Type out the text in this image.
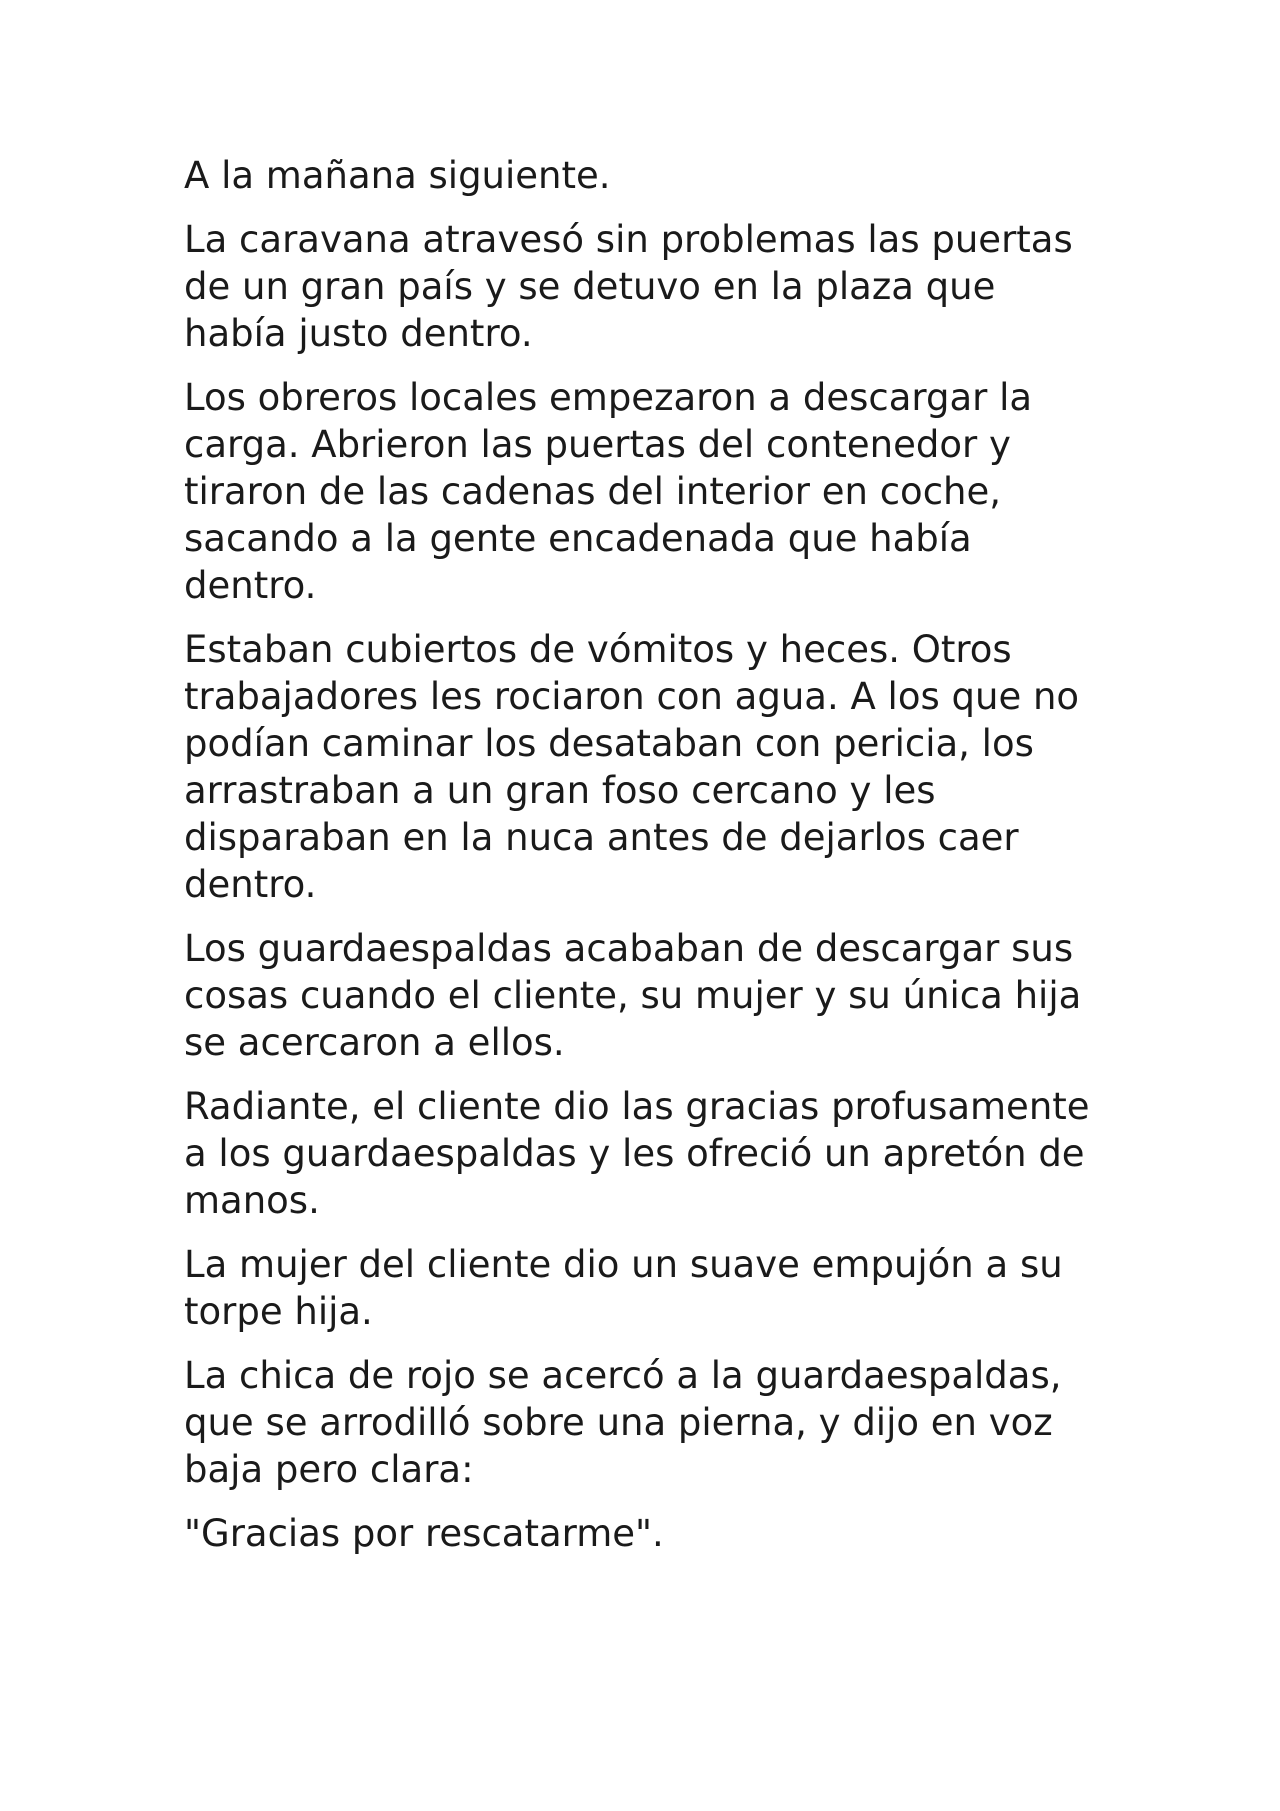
A la mañana siguiente.

La caravana atravesó sin problemas las puertas de un gran país y se detuvo en la plaza que había justo dentro.

Los obreros locales empezaron a descargar la carga. Abrieron las puertas del contenedor y tiraron de las cadenas del interior en coche, sacando a la gente encadenada que había dentro.

Estaban cubiertos de vómitos y heces. Otros trabajadores les rociaron con agua. A los que no podían caminar los desataban con pericia, los arrastraban a un gran foso cercano y les disparaban en la nuca antes de dejarlos caer dentro.

Los guardaespaldas acababan de descargar sus cosas cuando el cliente, su mujer y su única hija se acercaron a ellos.

Radiante, el cliente dio las gracias profusamente a los guardaespaldas y les ofreció un apretón de manos.

La mujer del cliente dio un suave empujón a su torpe hija.

La chica de rojo se acercó a la guardaespaldas, que se arrodilló sobre una pierna, y dijo en voz baja pero clara:

"Gracias por rescatarme".
